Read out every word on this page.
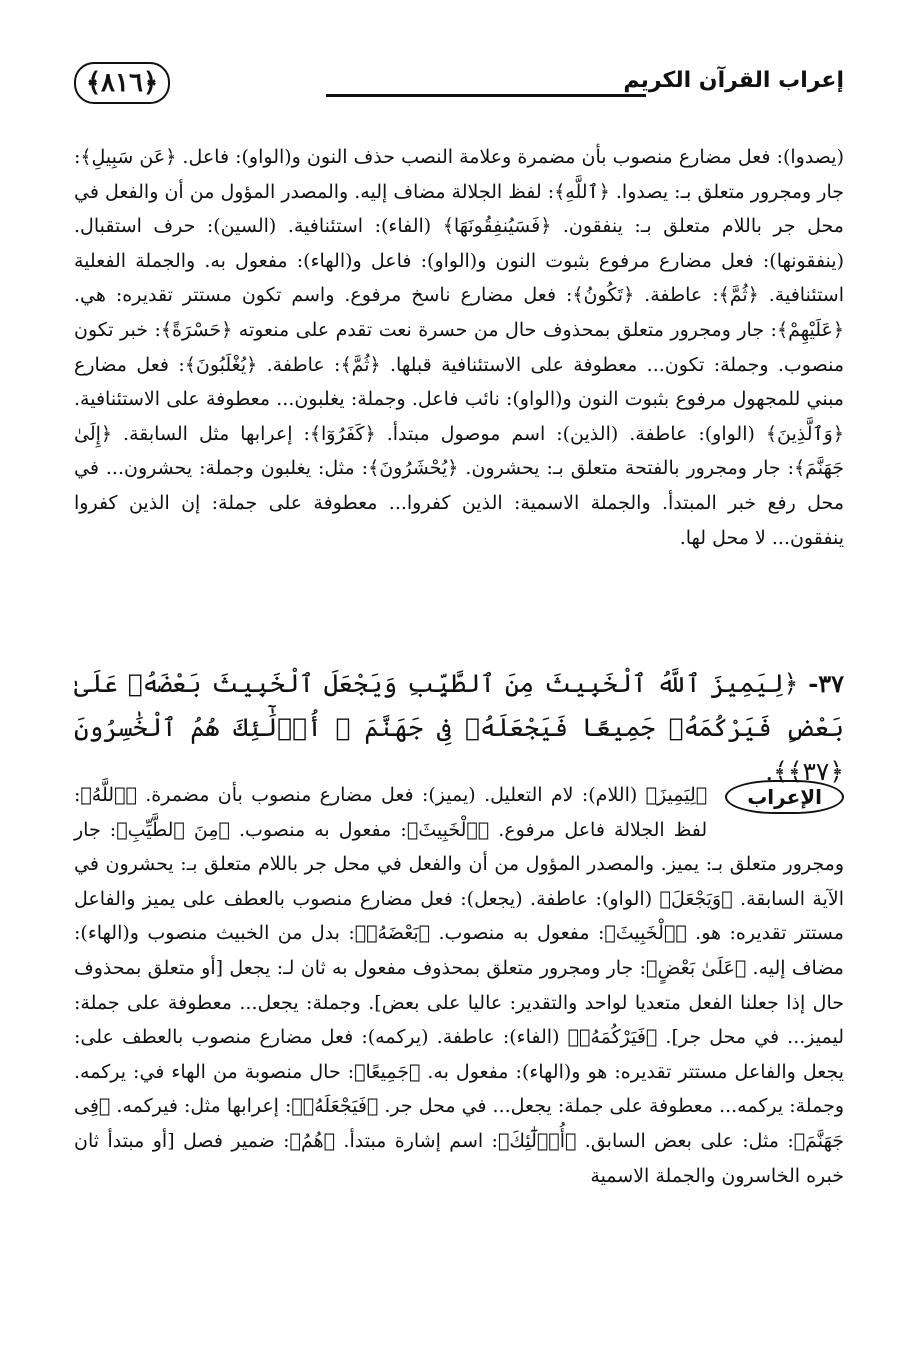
﴿٨١٦﴾	إعراب القرآن الكريم
(يصدوا): فعل مضارع منصوب بأن مضمرة وعلامة النصب حذف النون و(الواو): فاعل. ﴿عَن سَبِيلِ﴾: جار ومجرور متعلق بـ: يصدوا. ﴿ٱللَّهِ﴾: لفظ الجلالة مضاف إليه. والمصدر المؤول من أن والفعل في محل جر باللام متعلق بـ: ينفقون. ﴿فَسَيُنفِقُونَهَا﴾ (الفاء): استئنافية. (السين): حرف استقبال. (ينفقونها): فعل مضارع مرفوع بثبوت النون و(الواو): فاعل و(الهاء): مفعول به. والجملة الفعلية استئنافية. ﴿ثُمَّ﴾: عاطفة. ﴿تَكُونُ﴾: فعل مضارع ناسخ مرفوع. واسم تكون مستتر تقديره: هي. ﴿عَلَيْهِمْ﴾: جار ومجرور متعلق بمحذوف حال من حسرة نعت تقدم على منعوته ﴿حَسْرَةً﴾: خبر تكون منصوب. وجملة: تكون... معطوفة على الاستئنافية قبلها. ﴿ثُمَّ﴾: عاطفة. ﴿يُغْلَبُونَ﴾: فعل مضارع مبني للمجهول مرفوع بثبوت النون و(الواو): نائب فاعل. وجملة: يغلبون... معطوفة على الاستئنافية. ﴿وَٱلَّذِينَ﴾ (الواو): عاطفة. (الذين): اسم موصول مبتدأ. ﴿كَفَرُوٓا﴾: إعرابها مثل السابقة. ﴿إِلَىٰ جَهَنَّمَ﴾: جار ومجرور بالفتحة متعلق بـ: يحشرون. ﴿يُحْشَرُونَ﴾: مثل: يغلبون وجملة: يحشرون... في محل رفع خبر المبتدأ. والجملة الاسمية: الذين كفروا... معطوفة على جملة: إن الذين كفروا ينفقون... لا محل لها.
٣٧- ﴿لِيَمِيزَ ٱللَّهُ ٱلْخَبِيثَ مِنَ ٱلطَّيِّبِ وَيَجْعَلَ ٱلْخَبِيثَ بَعْضَهُۥ عَلَىٰ بَعْضٍ فَيَرْكُمَهُۥ جَمِيعًا فَيَجْعَلَهُۥ فِى جَهَنَّمَ ۚ أُو۟لَٰٓئِكَ هُمُ ٱلْخَٰسِرُونَ ﴿٣٧﴾﴾.
الإعراب
﴿لِيَمِيزَ﴾ (اللام): لام التعليل. (يميز): فعل مضارع منصوب بأن مضمرة. ﴿ٱللَّهُ﴾: لفظ الجلالة فاعل مرفوع. ﴿ٱلْخَبِيثَ﴾: مفعول به منصوب. ﴿مِنَ ٱلطَّيِّبِ﴾: جار ومجرور متعلق بـ: يميز. والمصدر المؤول من أن والفعل في محل جر باللام متعلق بـ: يحشرون في الآية السابقة. ﴿وَيَجْعَلَ﴾ (الواو): عاطفة. (يجعل): فعل مضارع منصوب بالعطف على يميز والفاعل مستتر تقديره: هو. ﴿ٱلْخَبِيثَ﴾: مفعول به منصوب. ﴿بَعْضَهُۥ﴾: بدل من الخبيث منصوب و(الهاء): مضاف إليه. ﴿عَلَىٰ بَعْضٍ﴾: جار ومجرور متعلق بمحذوف مفعول به ثان لـ: يجعل [أو متعلق بمحذوف حال إذا جعلنا الفعل متعديا لواحد والتقدير: عاليا على بعض]. وجملة: يجعل... معطوفة على جملة: ليميز... في محل جر]. ﴿فَيَرْكُمَهُۥ﴾ (الفاء): عاطفة. (يركمه): فعل مضارع منصوب بالعطف على: يجعل والفاعل مستتر تقديره: هو و(الهاء): مفعول به. ﴿جَمِيعًا﴾: حال منصوبة من الهاء في: يركمه. وجملة: يركمه... معطوفة على جملة: يجعل... في محل جر. ﴿فَيَجْعَلَهُۥ﴾: إعرابها مثل: فيركمه. ﴿فِى جَهَنَّمَ﴾: مثل: على بعض السابق. ﴿أُو۟لَٰٓئِكَ﴾: اسم إشارة مبتدأ. ﴿هُمُ﴾: ضمير فصل [أو مبتدأ ثان خبره الخاسرون والجملة الاسمية
